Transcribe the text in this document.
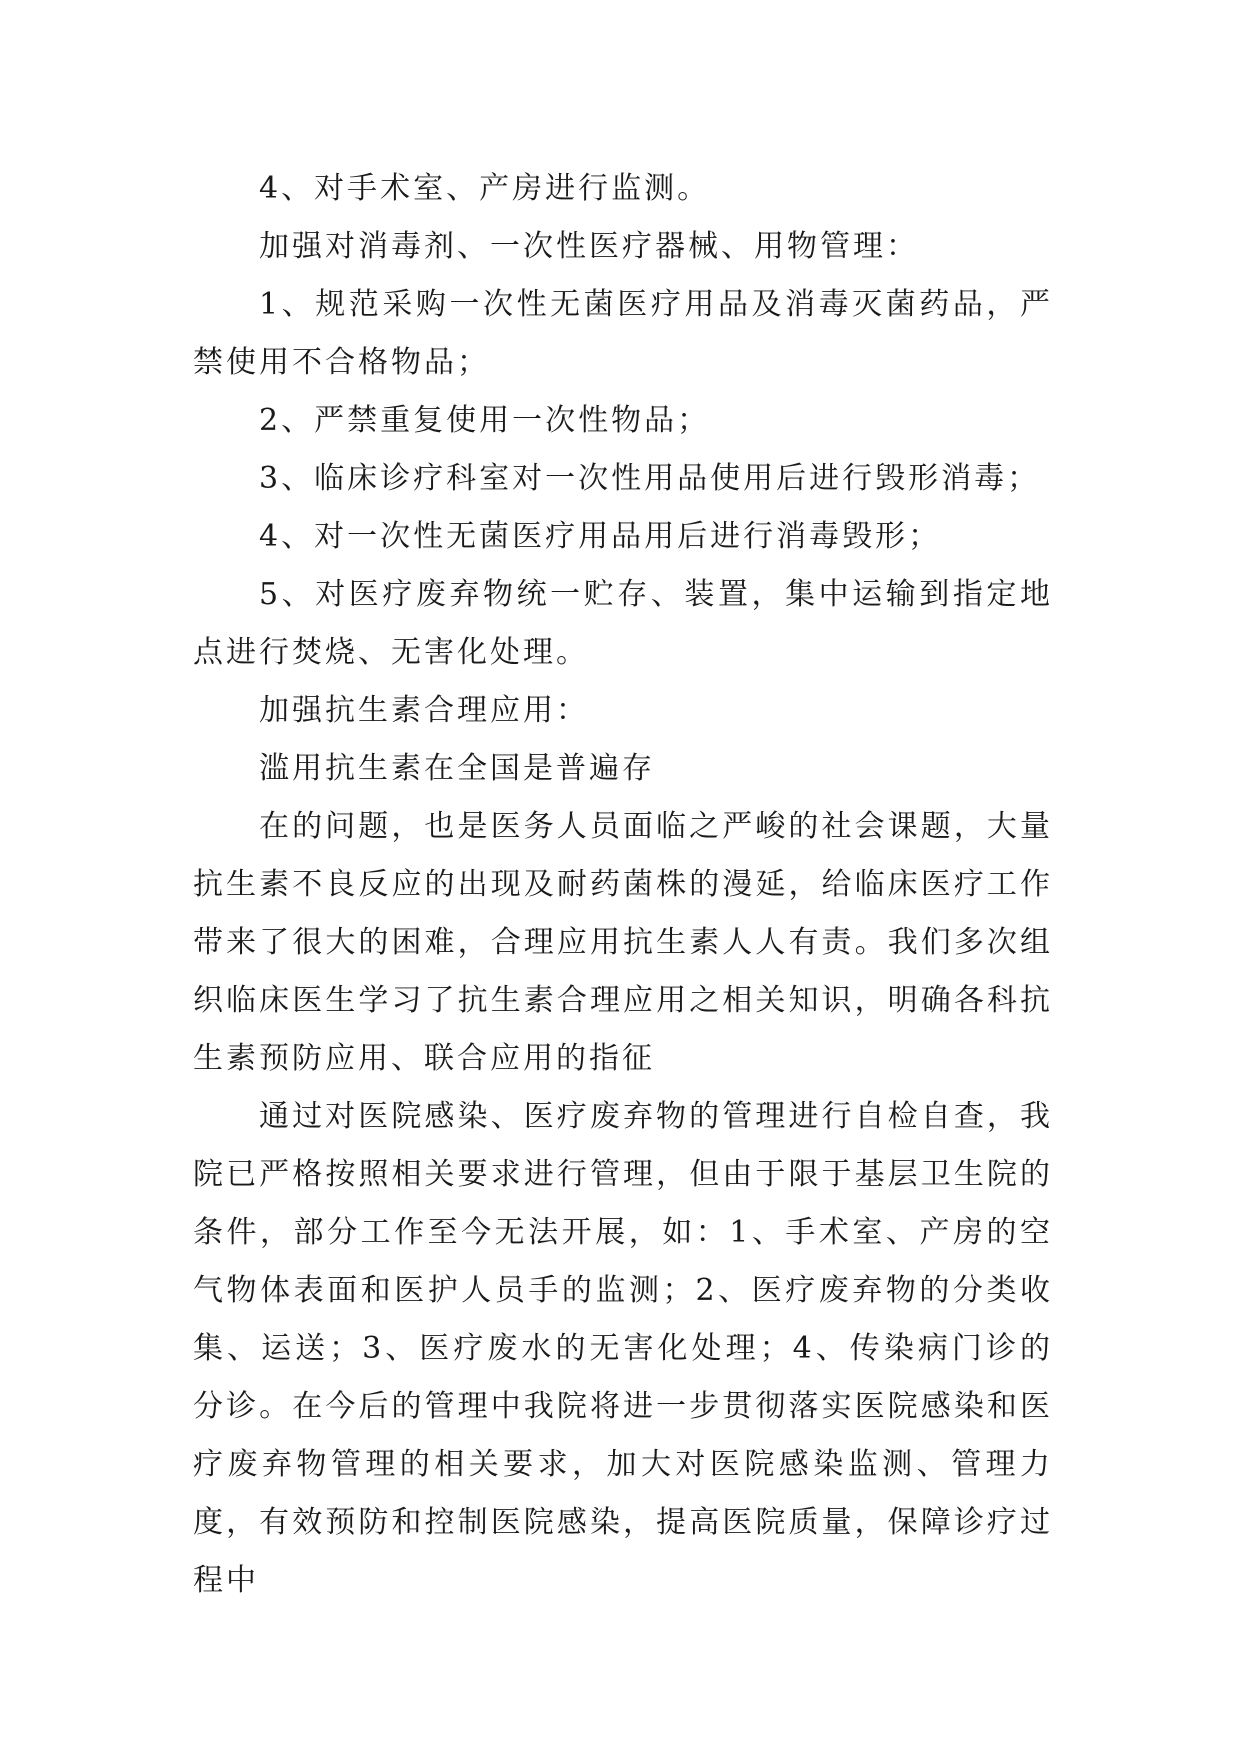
4、对手术室、产房进行监测。

加强对消毒剂、一次性医疗器械、用物管理：

1、规范采购一次性无菌医疗用品及消毒灭菌药品，严禁使用不合格物品；

2、严禁重复使用一次性物品；

3、临床诊疗科室对一次性用品使用后进行毁形消毒；

4、对一次性无菌医疗用品用后进行消毒毁形；

5、对医疗废弃物统一贮存、装置，集中运输到指定地点进行焚烧、无害化处理。

加强抗生素合理应用：

滥用抗生素在全国是普遍存

在的问题，也是医务人员面临之严峻的社会课题，大量抗生素不良反应的出现及耐药菌株的漫延，给临床医疗工作带来了很大的困难，合理应用抗生素人人有责。我们多次组织临床医生学习了抗生素合理应用之相关知识，明确各科抗生素预防应用、联合应用的指征

通过对医院感染、医疗废弃物的管理进行自检自查，我院已严格按照相关要求进行管理，但由于限于基层卫生院的条件，部分工作至今无法开展，如：1、手术室、产房的空气物体表面和医护人员手的监测；2、医疗废弃物的分类收集、运送；3、医疗废水的无害化处理；4、传染病门诊的分诊。在今后的管理中我院将进一步贯彻落实医院感染和医疗废弃物管理的相关要求，加大对医院感染监测、管理力度，有效预防和控制医院感染，提高医院质量，保障诊疗过程中
